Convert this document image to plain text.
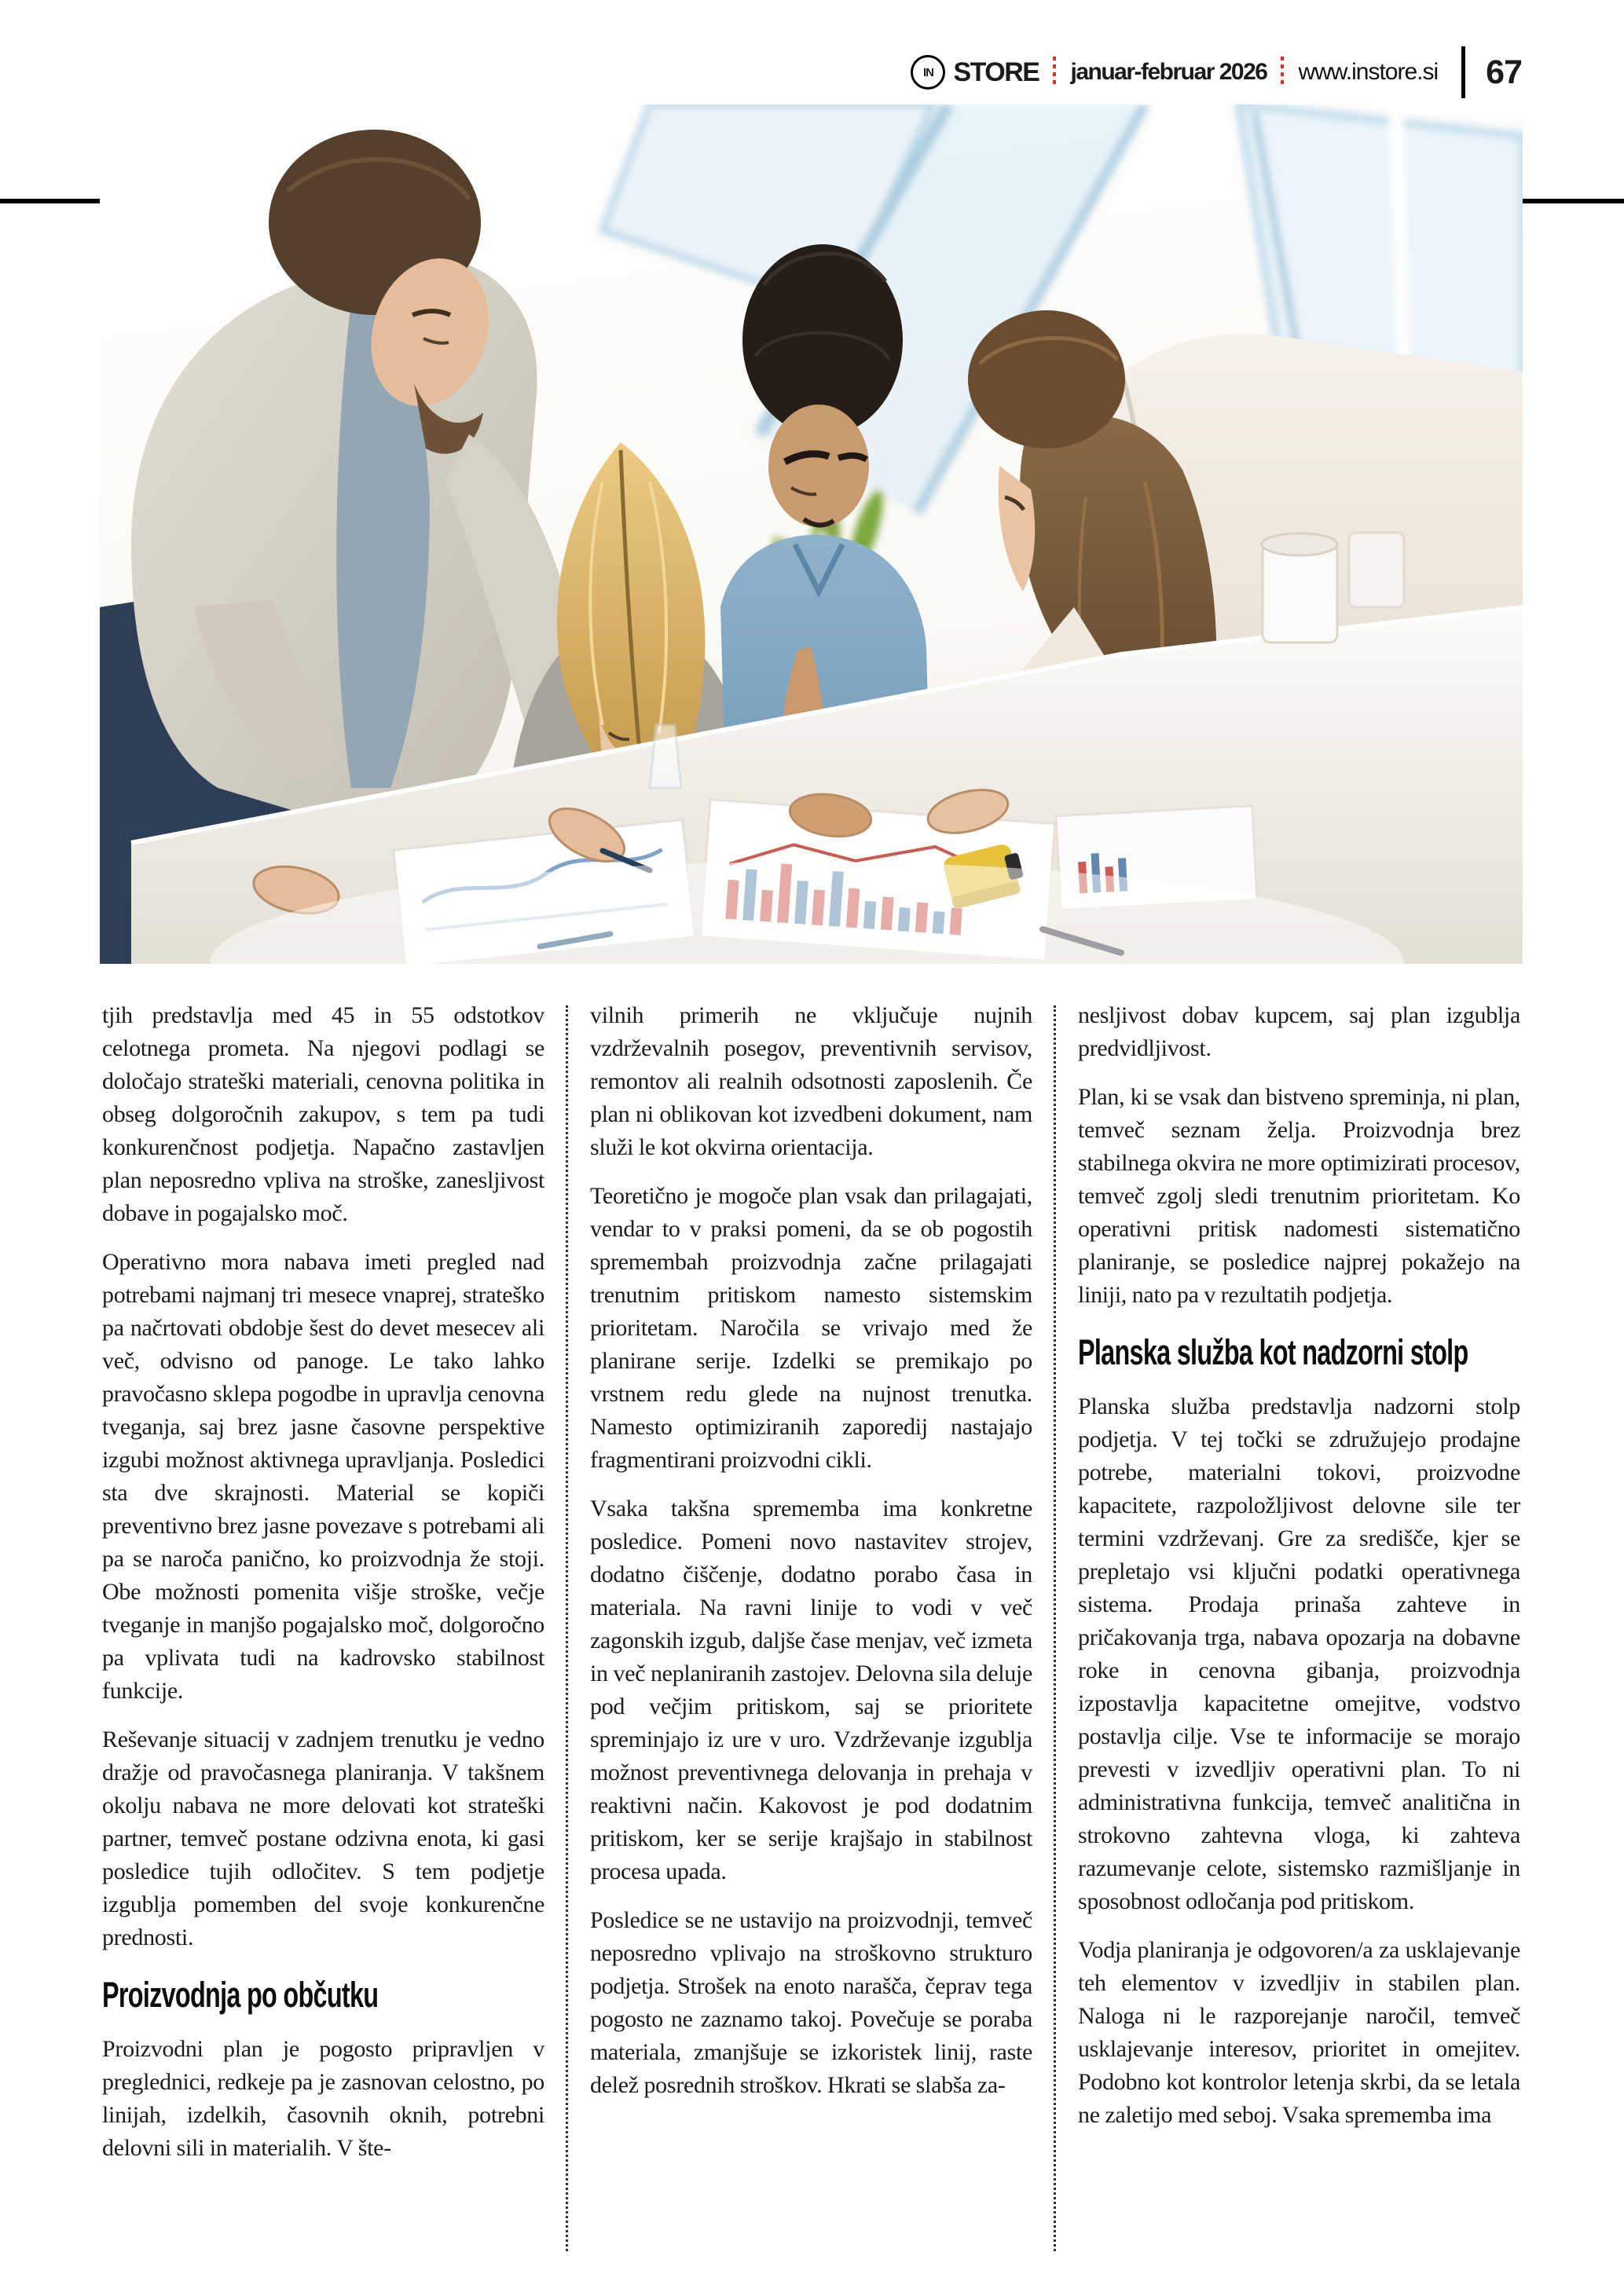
IN STORE januar-februar 2026 www.instore.si 67

tjih predstavlja med 45 in 55 odstotkov celotnega prometa. Na njegovi podlagi se določajo strateški materiali, cenovna politika in obseg dolgoročnih zakupov, s tem pa tudi konkurenčnost podjetja. Napačno zastavljen plan neposredno vpliva na stroške, zanesljivost dobave in pogajalsko moč.

Operativno mora nabava imeti pregled nad potrebami najmanj tri mesece vnaprej, strateško pa načrtovati obdobje šest do devet mesecev ali več, odvisno od panoge. Le tako lahko pravočasno sklepa pogodbe in upravlja cenovna tveganja, saj brez jasne časovne perspektive izgubi možnost aktivnega upravljanja. Posledici sta dve skrajnosti. Material se kopiči preventivno brez jasne povezave s potrebami ali pa se naroča panično, ko proizvodnja že stoji. Obe možnosti pomenita višje stroške, večje tveganje in manjšo pogajalsko moč, dolgoročno pa vplivata tudi na kadrovsko stabilnost funkcije.

Reševanje situacij v zadnjem trenutku je vedno dražje od pravočasnega planiranja. V takšnem okolju nabava ne more delovati kot strateški partner, temveč postane odzivna enota, ki gasi posledice tujih odločitev. S tem podjetje izgublja pomemben del svoje konkurenčne prednosti.

Proizvodnja po občutku

Proizvodni plan je pogosto pripravljen v preglednici, redkeje pa je zasnovan celostno, po linijah, izdelkih, časovnih oknih, potrebni delovni sili in materialih. V šte-

vilnih primerih ne vključuje nujnih vzdrževalnih posegov, preventivnih servisov, remontov ali realnih odsotnosti zaposlenih. Če plan ni oblikovan kot izvedbeni dokument, nam služi le kot okvirna orientacija.

Teoretično je mogoče plan vsak dan prilagajati, vendar to v praksi pomeni, da se ob pogostih spremembah proizvodnja začne prilagajati trenutnim pritiskom namesto sistemskim prioritetam. Naročila se vrivajo med že planirane serije. Izdelki se premikajo po vrstnem redu glede na nujnost trenutka. Namesto optimiziranih zaporedij nastajajo fragmentirani proizvodni cikli.

Vsaka takšna sprememba ima konkretne posledice. Pomeni novo nastavitev strojev, dodatno čiščenje, dodatno porabo časa in materiala. Na ravni linije to vodi v več zagonskih izgub, daljše čase menjav, več izmeta in več neplaniranih zastojev. Delovna sila deluje pod večjim pritiskom, saj se prioritete spreminjajo iz ure v uro. Vzdrževanje izgublja možnost preventivnega delovanja in prehaja v reaktivni način. Kakovost je pod dodatnim pritiskom, ker se serije krajšajo in stabilnost procesa upada.

Posledice se ne ustavijo na proizvodnji, temveč neposredno vplivajo na stroškovno strukturo podjetja. Strošek na enoto narašča, čeprav tega pogosto ne zaznamo takoj. Povečuje se poraba materiala, zmanjšuje se izkoristek linij, raste delež posrednih stroškov. Hkrati se slabša za-

nesljivost dobav kupcem, saj plan izgublja predvidljivost.

Plan, ki se vsak dan bistveno spreminja, ni plan, temveč seznam želja. Proizvodnja brez stabilnega okvira ne more optimizirati procesov, temveč zgolj sledi trenutnim prioritetam. Ko operativni pritisk nadomesti sistematično planiranje, se posledice najprej pokažejo na liniji, nato pa v rezultatih podjetja.

Planska služba kot nadzorni stolp

Planska služba predstavlja nadzorni stolp podjetja. V tej točki se združujejo prodajne potrebe, materialni tokovi, proizvodne kapacitete, razpoložljivost delovne sile ter termini vzdrževanj. Gre za središče, kjer se prepletajo vsi ključni podatki operativnega sistema. Prodaja prinaša zahteve in pričakovanja trga, nabava opozarja na dobavne roke in cenovna gibanja, proizvodnja izpostavlja kapacitetne omejitve, vodstvo postavlja cilje. Vse te informacije se morajo prevesti v izvedljiv operativni plan. To ni administrativna funkcija, temveč analitična in strokovno zahtevna vloga, ki zahteva razumevanje celote, sistemsko razmišljanje in sposobnost odločanja pod pritiskom.

Vodja planiranja je odgovoren/a za usklajevanje teh elementov v izvedljiv in stabilen plan. Naloga ni le razporejanje naročil, temveč usklajevanje interesov, prioritet in omejitev. Podobno kot kontrolor letenja skrbi, da se letala ne zaletijo med seboj. Vsaka sprememba ima
